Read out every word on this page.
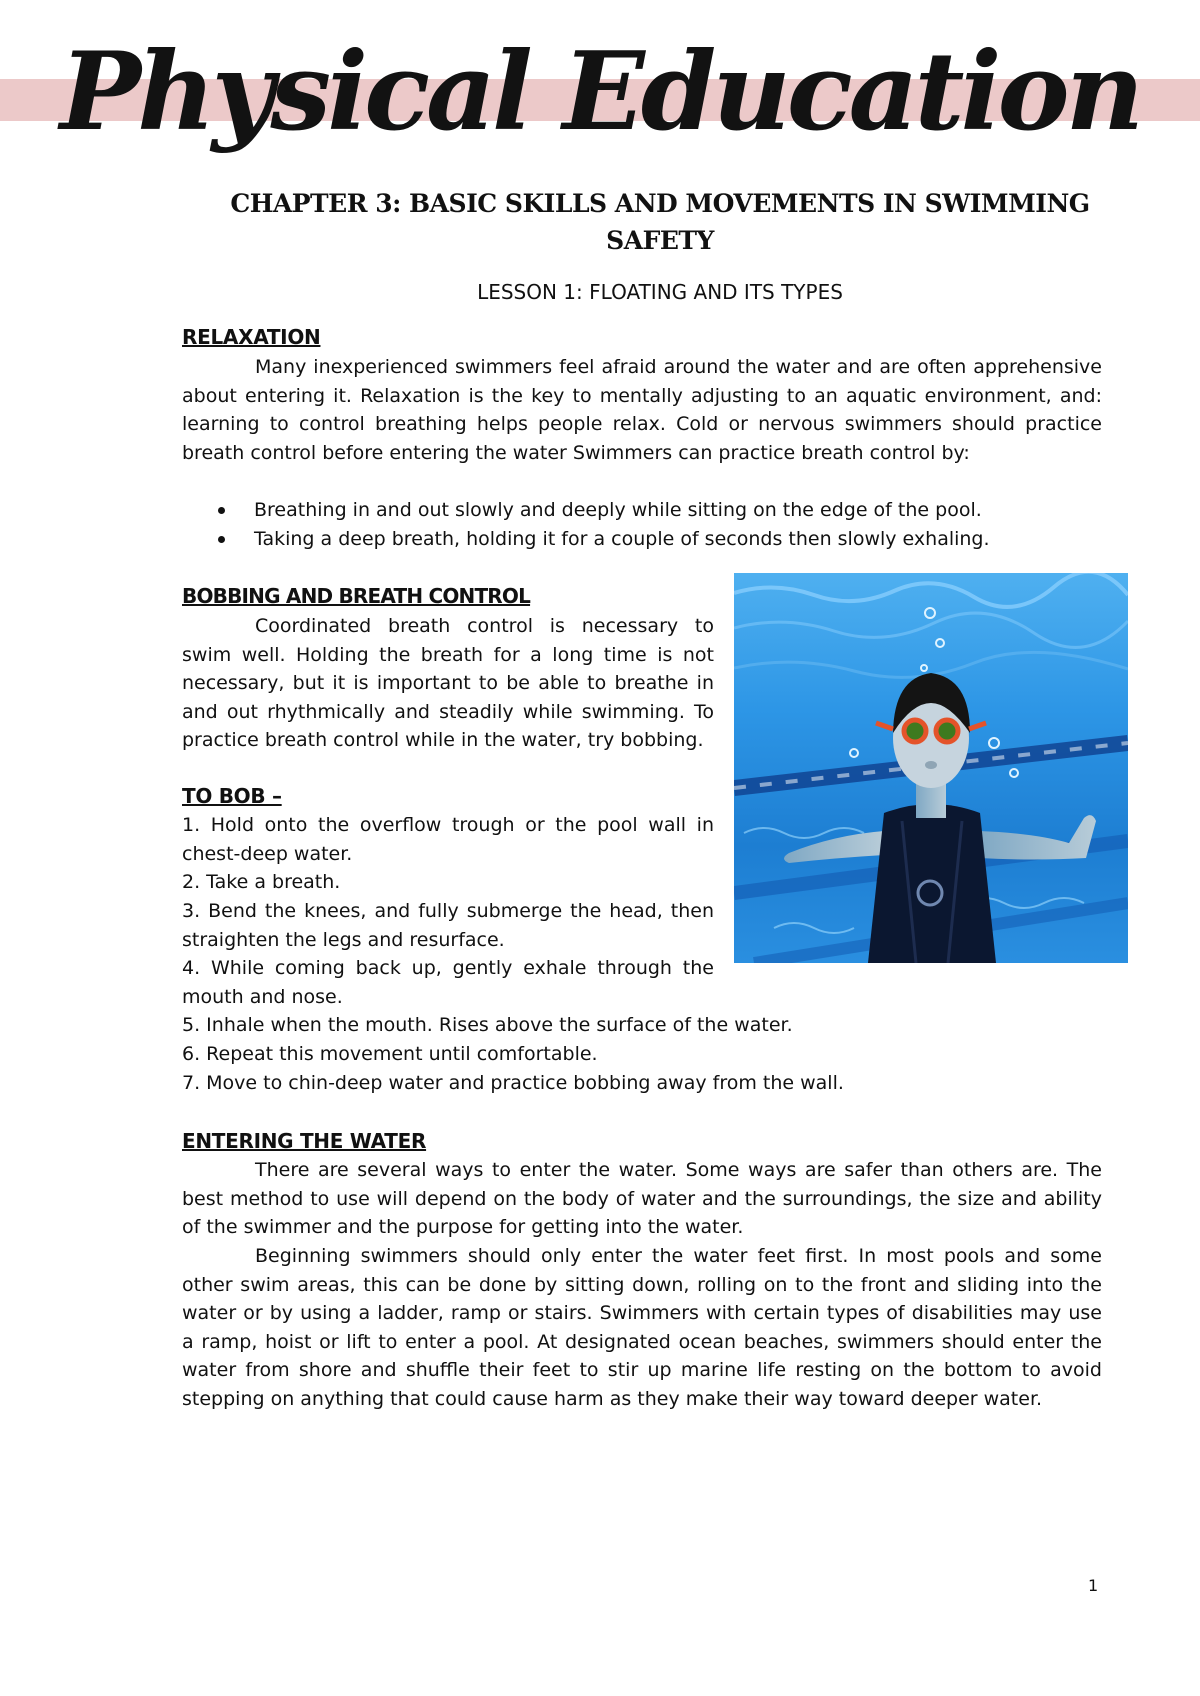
Physical Education
CHAPTER 3: BASIC SKILLS AND MOVEMENTS IN SWIMMING
SAFETY

LESSON 1: FLOATING AND ITS TYPES

RELAXATION

Many inexperienced swimmers feel afraid around the water and are often apprehensive about entering it. Relaxation is the key to mentally adjusting to an aquatic environment, and: learning to control breathing helps people relax. Cold or nervous swimmers should practice breath control before entering the water Swimmers can practice breath control by:

Breathing in and out slowly and deeply while sitting on the edge of the pool.
Taking a deep breath, holding it for a couple of seconds then slowly exhaling.
BOBBING AND BREATH CONTROL

Coordinated breath control is necessary to swim well. Holding the breath for a long time is not necessary, but it is important to be able to breathe in and out rhythmically and steadily while swimming. To practice breath control while in the water, try bobbing.

TO BOB –
1. Hold onto the overflow trough or the pool wall in chest-deep water.
2. Take a breath.
3. Bend the knees, and fully submerge the head, then straighten the legs and resurface.
4. While coming back up, gently exhale through the mouth and nose.
5. Inhale when the mouth. Rises above the surface of the water.
6. Repeat this movement until comfortable.
7. Move to chin-deep water and practice bobbing away from the wall.
ENTERING THE WATER

There are several ways to enter the water. Some ways are safer than others are. The best method to use will depend on the body of water and the surroundings, the size and ability of the swimmer and the purpose for getting into the water.

Beginning swimmers should only enter the water feet first. In most pools and some other swim areas, this can be done by sitting down, rolling on to the front and sliding into the water or by using a ladder, ramp or stairs. Swimmers with certain types of disabilities may use a ramp, hoist or lift to enter a pool. At designated ocean beaches, swimmers should enter the water from shore and shuffle their feet to stir up marine life resting on the bottom to avoid stepping on anything that could cause harm as they make their way toward deeper water.

1
